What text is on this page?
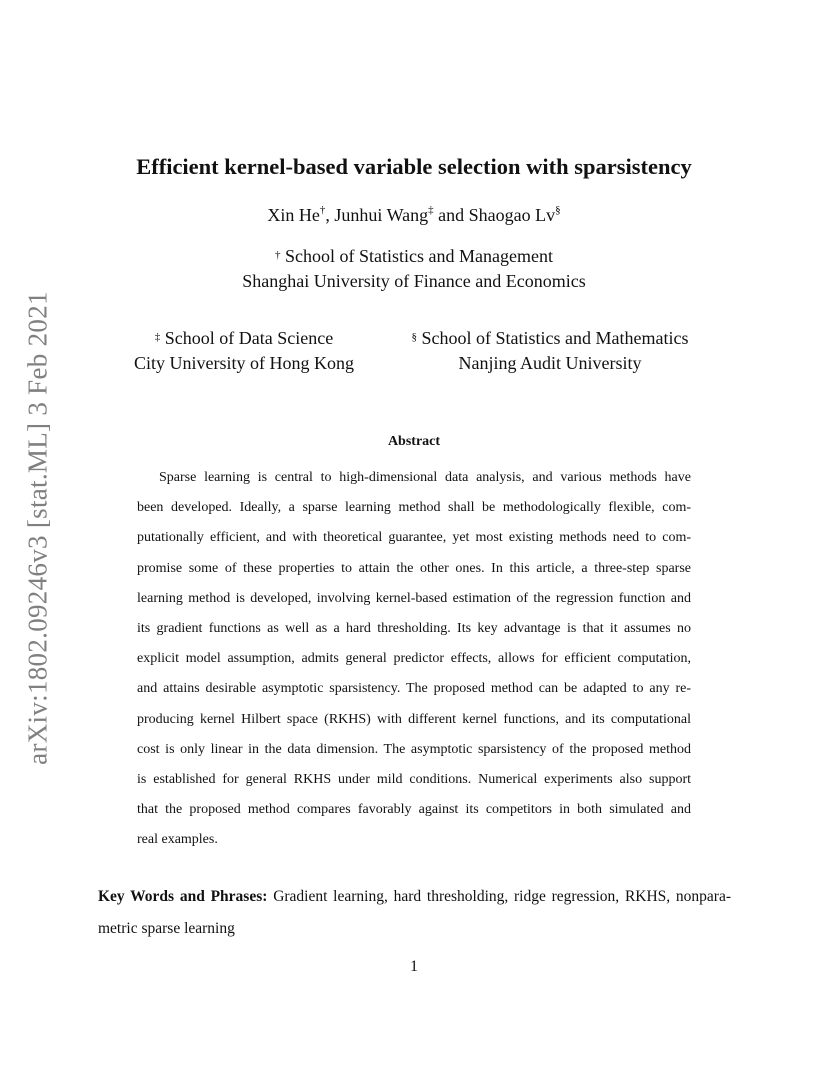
arXiv:1802.09246v3 [stat.ML] 3 Feb 2021
Efficient kernel-based variable selection with sparsistency
Xin He†, Junhui Wang‡ and Shaogao Lv§
† School of Statistics and Management
Shanghai University of Finance and Economics
‡ School of Data Science
City University of Hong Kong
§ School of Statistics and Mathematics
Nanjing Audit University
Abstract
Sparse learning is central to high-dimensional data analysis, and various methods have
been developed. Ideally, a sparse learning method shall be methodologically flexible, com-
putationally efficient, and with theoretical guarantee, yet most existing methods need to com-
promise some of these properties to attain the other ones. In this article, a three-step sparse
learning method is developed, involving kernel-based estimation of the regression function and
its gradient functions as well as a hard thresholding. Its key advantage is that it assumes no
explicit model assumption, admits general predictor effects, allows for efficient computation,
and attains desirable asymptotic sparsistency. The proposed method can be adapted to any re-
producing kernel Hilbert space (RKHS) with different kernel functions, and its computational
cost is only linear in the data dimension. The asymptotic sparsistency of the proposed method
is established for general RKHS under mild conditions. Numerical experiments also support
that the proposed method compares favorably against its competitors in both simulated and
real examples.
Key Words and Phrases: Gradient learning, hard thresholding, ridge regression, RKHS, nonpara-
metric sparse learning
1
